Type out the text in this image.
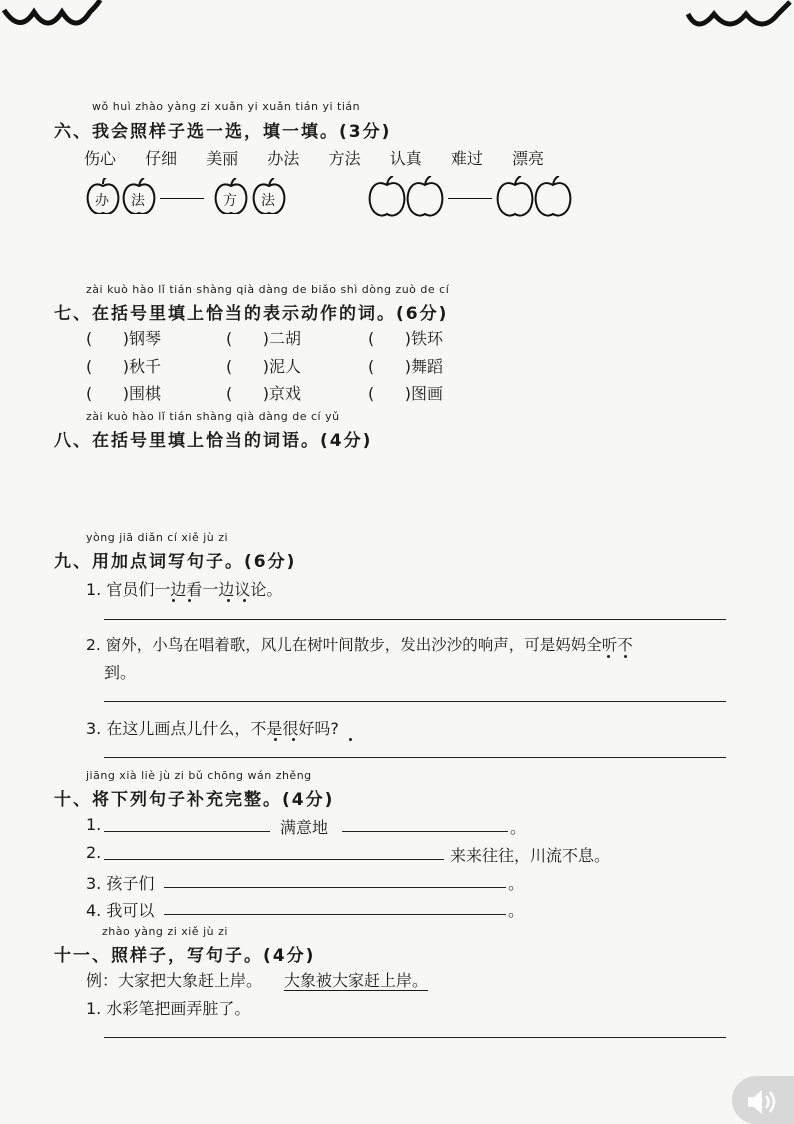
wǒ huì zhào yàng zi xuǎn yi xuǎn tián yi tián
六、我会照样子选一选，填一填。(3分)
伤心 仔细 美丽 办法 方法 认真 难过 漂亮
办 法	方 法
zài kuò hào lǐ tián shàng qià dàng de biǎo shì dòng zuò de cí
七、在括号里填上恰当的表示动作的词。(6分)
(      )钢琴	(      )二胡	(      )铁环
(      )秋千	(      )泥人	(      )舞蹈
(      )围棋	(      )京戏	(      )图画
zài kuò hào lǐ tián shàng qià dàng de cí yǔ
八、在括号里填上恰当的词语。(4分)
yòng jiā diǎn cí xiě jù zi
九、用加点词写句子。(6分)
1. 官员们一边看一边议论。
2. 窗外，小鸟在唱着歌，风儿在树叶间散步，发出沙沙的响声，可是妈妈全听不
到。
3. 在这儿画点儿什么，不是很好吗?
jiāng xià liè jù zi bǔ chōng wán zhěng
十、将下列句子补充完整。(4分)
1.	满意地	。
2.	来来往往，川流不息。
3. 孩子们	。
4. 我可以	。
zhào yàng zi xiě jù zi
十一、照样子，写句子。(4分)
例：大家把大象赶上岸。 大象被大家赶上岸。
1. 水彩笔把画弄脏了。
